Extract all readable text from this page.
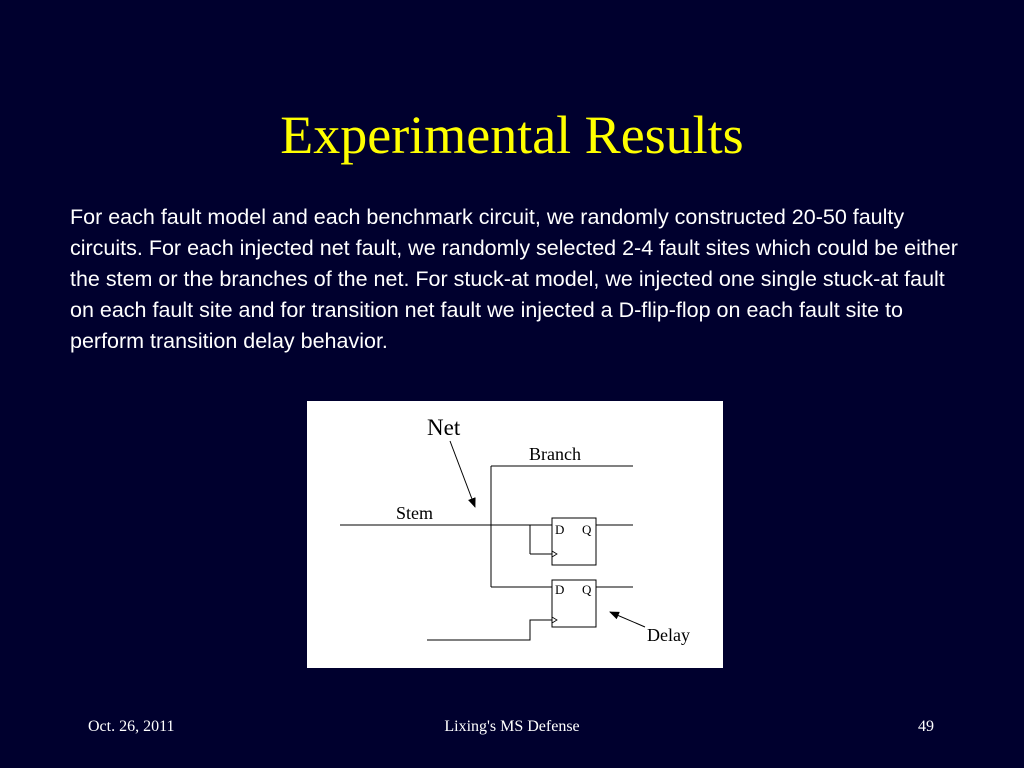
Experimental Results

For each fault model and each benchmark circuit, we randomly constructed 20-50 faulty circuits. For each injected net fault, we randomly selected 2-4 fault sites which could be either the stem or the branches of the net. For stuck-at model, we injected one single stuck-at fault on each fault site and for transition net fault we injected a D-flip-flop on each fault site to perform transition delay behavior.

D Q
D Q
Net
Branch
Stem
Delay
Oct. 26, 2011	Lixing's MS Defense	49
